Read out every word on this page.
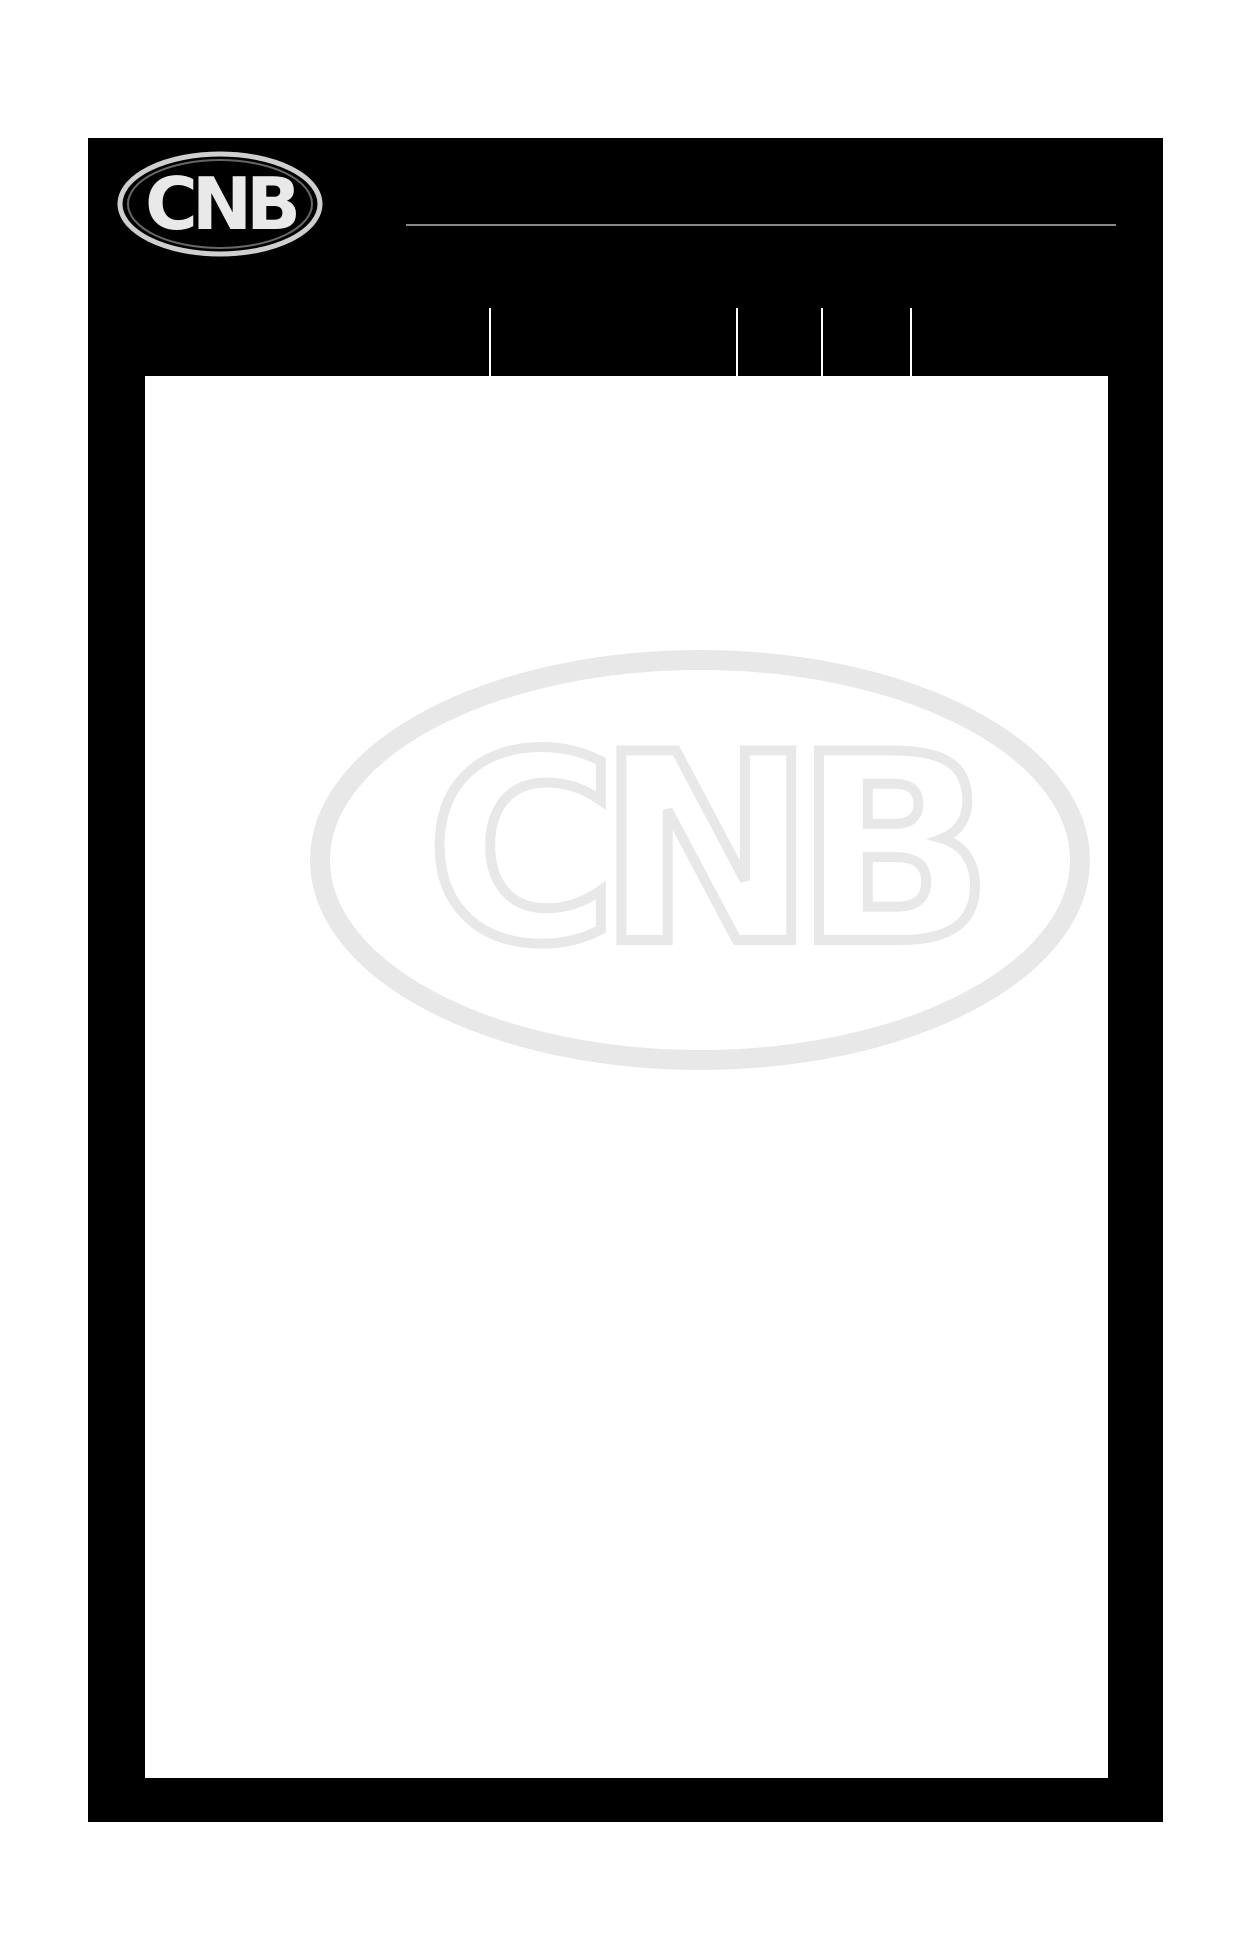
CNB
